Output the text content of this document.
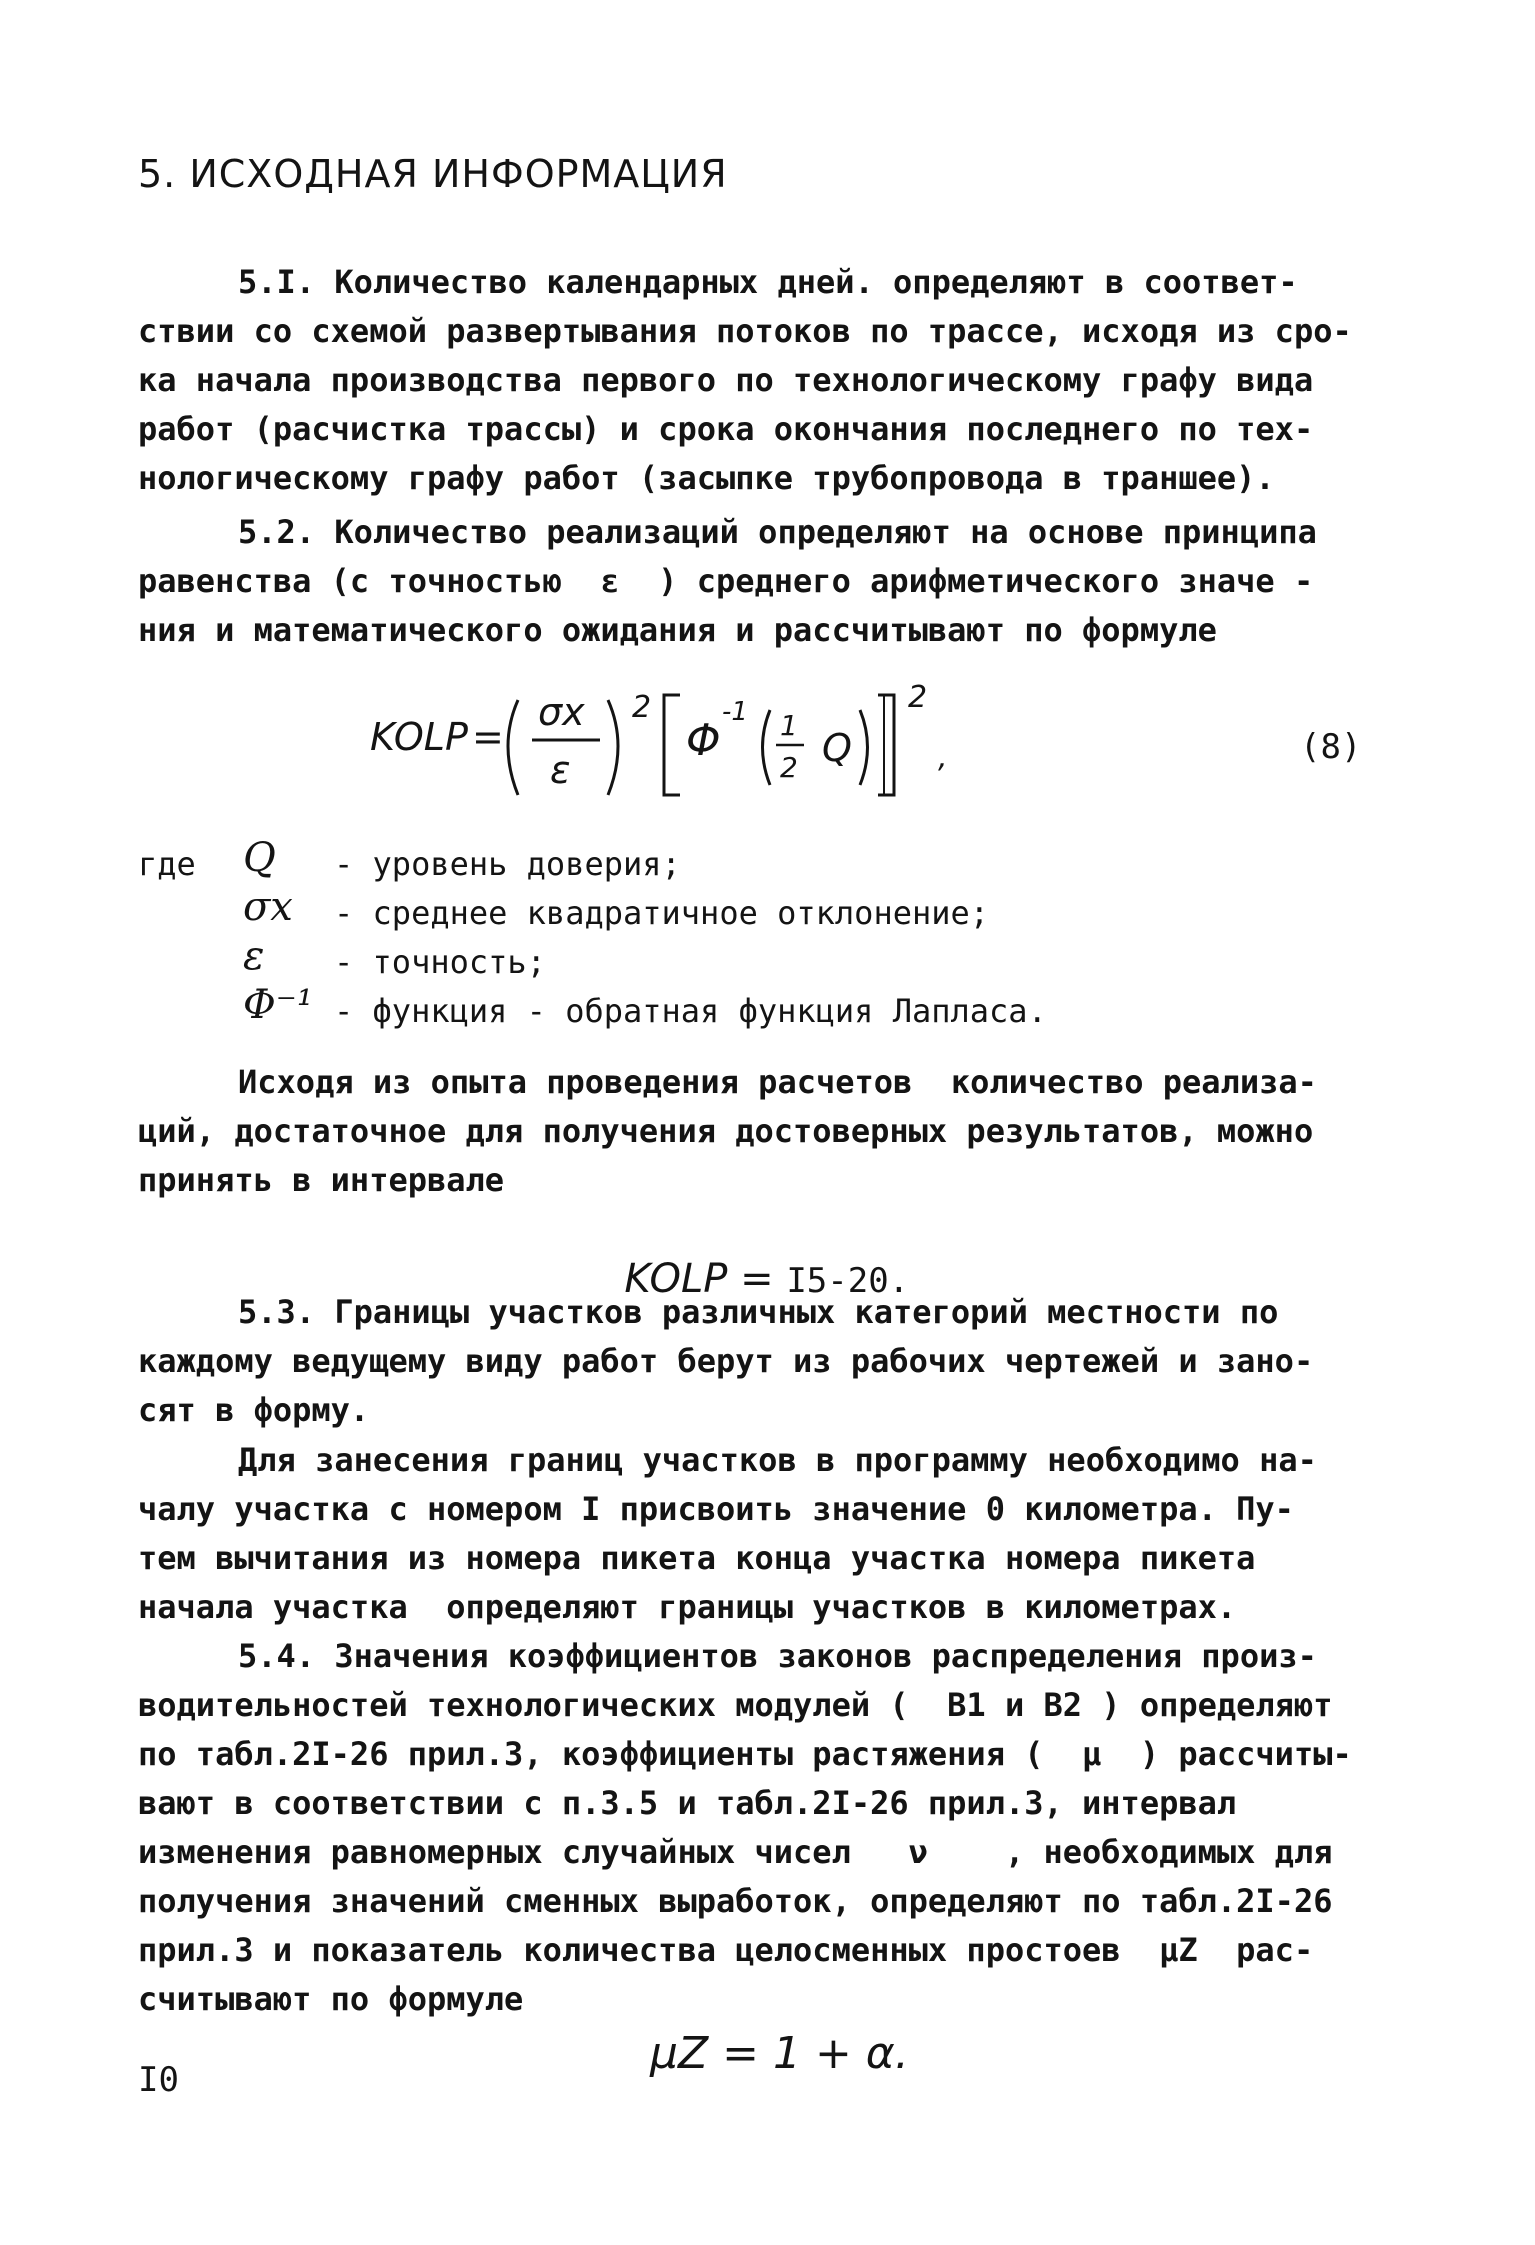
5. ИСХОДНАЯ ИНФОРМАЦИЯ
5.I. Количество календарных дней. определяют в соответ-
ствии со схемой развертывания потоков по трассе, исходя из сро-
ка начала производства первого по технологическому графу вида
работ (расчистка трассы) и срока окончания последнего по тех-
нологическому графу работ (засыпке трубопровода в траншее).
5.2. Количество реализаций определяют на основе принципа
равенства (с точностью  ε  ) среднего арифметического значе -
ния и математического ожидания и рассчитывают по формуле
KOLP =
σx
ε
2
Φ
-1 1
2 Q
2
,	(8)
где Q - уровень доверия;
σx - среднее квадратичное отклонение;
ε - точность;
Φ⁻¹ - функция - обратная функция Лапласа.
Исходя из опыта проведения расчетов  количество реализа-
ций, достаточное для получения достоверных результатов, можно
принять в интервале

KOLP = I5-20.

5.3. Границы участков различных категорий местности по
каждому ведущему виду работ берут из рабочих чертежей и зано-
сят в форму.
Для занесения границ участков в программу необходимо на-
чалу участка с номером I присвоить значение 0 километра. Пу-
тем вычитания из номера пикета конца участка номера пикета
начала участка  определяют границы участков в километрах.
5.4. Значения коэффициентов законов распределения произ-
водительностей технологических модулей (  B1 и B2 ) определяют
по табл.2I-26 прил.3, коэффициенты растяжения (  μ  ) рассчиты-
вают в соответствии с п.3.5 и табл.2I-26 прил.3, интервал
изменения равномерных случайных чисел   ν    , необходимых для
получения значений сменных выработок, определяют по табл.2I-26
прил.3 и показатель количества целосменных простоев  μZ  рас-
считывают по формуле
μZ = 1 + α.
I0
